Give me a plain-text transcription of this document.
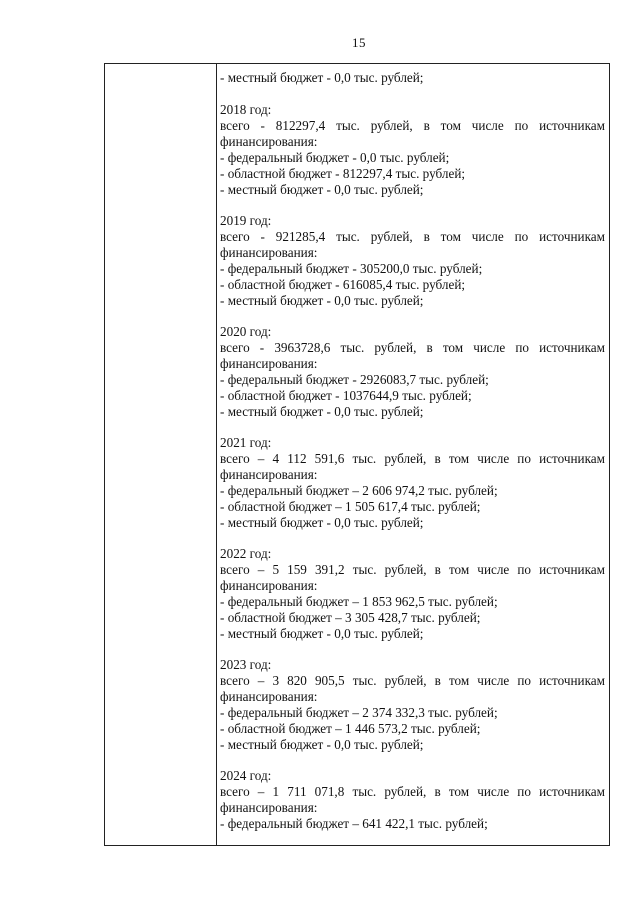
15
- местный бюджет - 0,0 тыс. рублей;
2018 год:
всего - 812297,4 тыс. рублей, в том числе по источникам
финансирования:
- федеральный бюджет - 0,0 тыс. рублей;
- областной бюджет - 812297,4 тыс. рублей;
- местный бюджет - 0,0 тыс. рублей;
2019 год:
всего - 921285,4 тыс. рублей, в том числе по источникам
финансирования:
- федеральный бюджет - 305200,0 тыс. рублей;
- областной бюджет - 616085,4 тыс. рублей;
- местный бюджет - 0,0 тыс. рублей;
2020 год:
всего - 3963728,6 тыс. рублей, в том числе по источникам
финансирования:
- федеральный бюджет - 2926083,7 тыс. рублей;
- областной бюджет - 1037644,9 тыс. рублей;
- местный бюджет - 0,0 тыс. рублей;
2021 год:
всего – 4 112 591,6 тыс. рублей, в том числе по источникам
финансирования:
- федеральный бюджет – 2 606 974,2 тыс. рублей;
- областной бюджет – 1 505 617,4 тыс. рублей;
- местный бюджет - 0,0 тыс. рублей;
2022 год:
всего – 5 159 391,2 тыс. рублей, в том числе по источникам
финансирования:
- федеральный бюджет – 1 853 962,5 тыс. рублей;
- областной бюджет – 3 305 428,7 тыс. рублей;
- местный бюджет - 0,0 тыс. рублей;
2023 год:
всего – 3 820 905,5 тыс. рублей, в том числе по источникам
финансирования:
- федеральный бюджет – 2 374 332,3 тыс. рублей;
- областной бюджет – 1 446 573,2 тыс. рублей;
- местный бюджет - 0,0 тыс. рублей;
2024 год:
всего – 1 711 071,8 тыс. рублей, в том числе по источникам
финансирования:
- федеральный бюджет – 641 422,1 тыс. рублей;
